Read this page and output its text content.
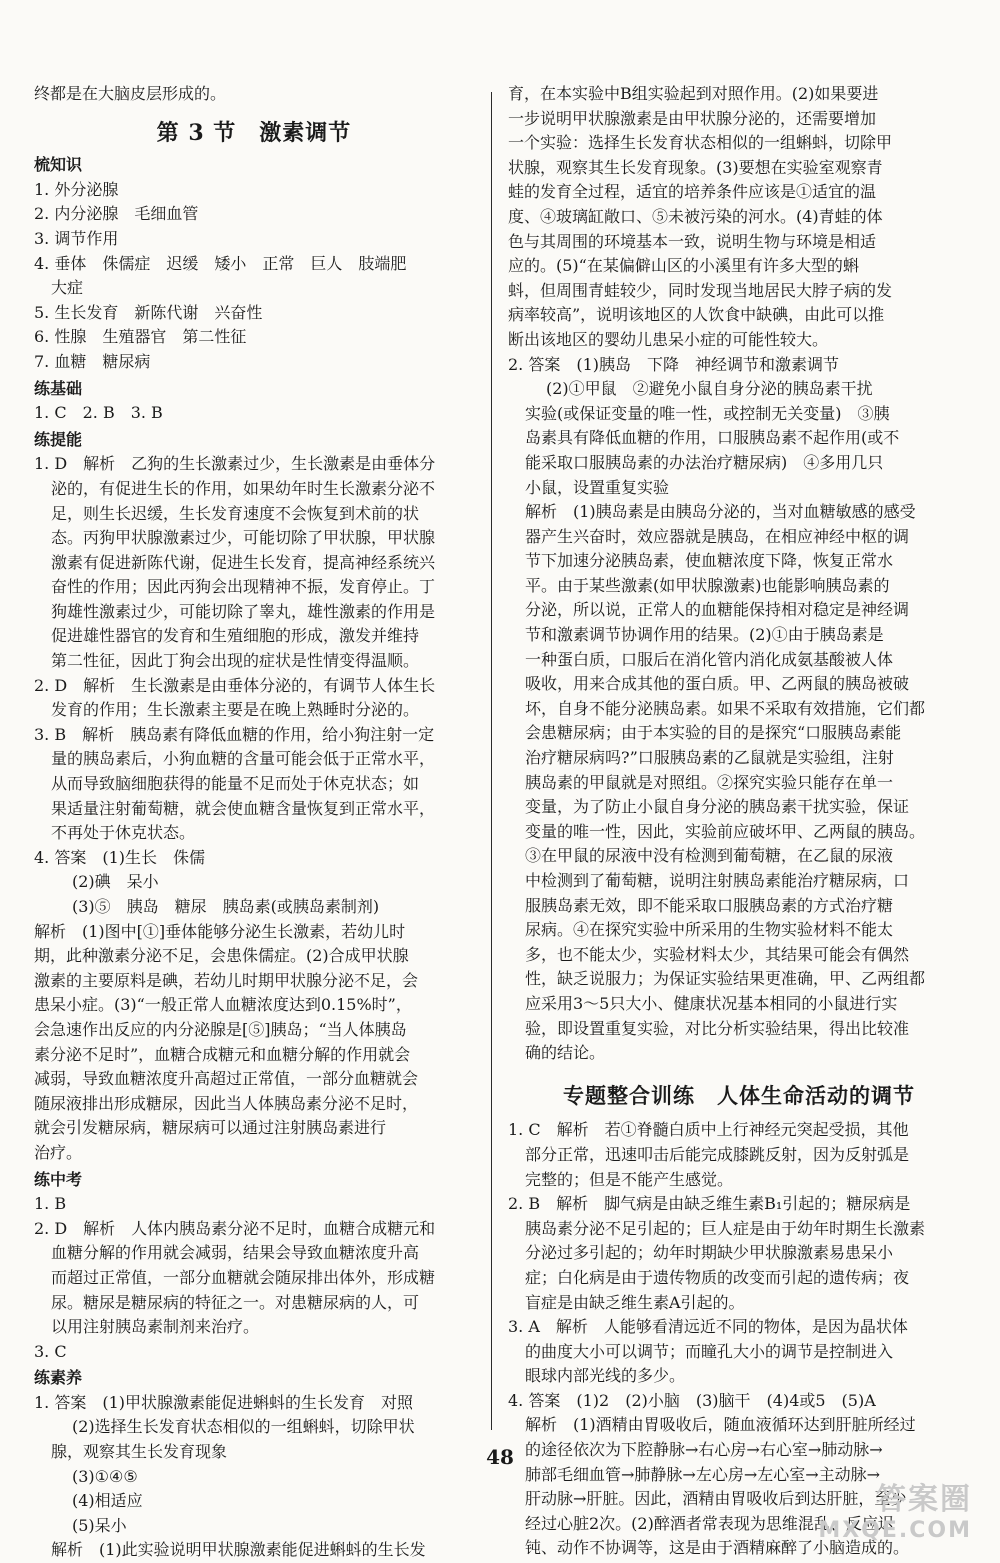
终都是在大脑皮层形成的。
第 3 节　激素调节
梳知识
1. 外分泌腺
2. 内分泌腺　毛细血管
3. 调节作用
4. 垂体　侏儒症　迟缓　矮小　正常　巨人　肢端肥
大症
5. 生长发育　新陈代谢　兴奋性
6. 性腺　生殖器官　第二性征
7. 血糖　糖尿病
练基础
1. C　2. B　3. B
练提能
1. D　解析　乙狗的生长激素过少，生长激素是由垂体分
泌的，有促进生长的作用，如果幼年时生长激素分泌不
足，则生长迟缓，生长发育速度不会恢复到术前的状
态。丙狗甲状腺激素过少，可能切除了甲状腺，甲状腺
激素有促进新陈代谢，促进生长发育，提高神经系统兴
奋性的作用；因此丙狗会出现精神不振，发育停止。丁
狗雄性激素过少，可能切除了睾丸，雄性激素的作用是
促进雄性器官的发育和生殖细胞的形成，激发并维持
第二性征，因此丁狗会出现的症状是性情变得温顺。
2. D　解析　生长激素是由垂体分泌的，有调节人体生长
发育的作用；生长激素主要是在晚上熟睡时分泌的。
3. B　解析　胰岛素有降低血糖的作用，给小狗注射一定
量的胰岛素后，小狗血糖的含量可能会低于正常水平，
从而导致脑细胞获得的能量不足而处于休克状态；如
果适量注射葡萄糖，就会使血糖含量恢复到正常水平，
不再处于休克状态。
4. 答案　(1)生长　侏儒
(2)碘　呆小
(3)⑤　胰岛　糖尿　胰岛素(或胰岛素制剂)
解析　(1)图中[①]垂体能够分泌生长激素，若幼儿时
期，此种激素分泌不足，会患侏儒症。(2)合成甲状腺
激素的主要原料是碘，若幼儿时期甲状腺分泌不足，会
患呆小症。(3)“一般正常人血糖浓度达到0.15%时”，
会急速作出反应的内分泌腺是[⑤]胰岛；“当人体胰岛
素分泌不足时”，血糖合成糖元和血糖分解的作用就会
减弱，导致血糖浓度升高超过正常值，一部分血糖就会
随尿液排出形成糖尿，因此当人体胰岛素分泌不足时，
就会引发糖尿病，糖尿病可以通过注射胰岛素进行
治疗。
练中考
1. B
2. D　解析　人体内胰岛素分泌不足时，血糖合成糖元和
血糖分解的作用就会减弱，结果会导致血糖浓度升高
而超过正常值，一部分血糖就会随尿排出体外，形成糖
尿。糖尿是糖尿病的特征之一。对患糖尿病的人，可
以用注射胰岛素制剂来治疗。
3. C
练素养
1. 答案　(1)甲状腺激素能促进蝌蚪的生长发育　对照
(2)选择生长发育状态相似的一组蝌蚪，切除甲状
腺，观察其生长发育现象
(3)①④⑤
(4)相适应
(5)呆小
解析　(1)此实验说明甲状腺激素能促进蝌蚪的生长发
育，在本实验中B组实验起到对照作用。(2)如果要进
一步说明甲状腺激素是由甲状腺分泌的，还需要增加
一个实验：选择生长发育状态相似的一组蝌蚪，切除甲
状腺，观察其生长发育现象。(3)要想在实验室观察青
蛙的发育全过程，适宜的培养条件应该是①适宜的温
度、④玻璃缸敞口、⑤未被污染的河水。(4)青蛙的体
色与其周围的环境基本一致，说明生物与环境是相适
应的。(5)“在某偏僻山区的小溪里有许多大型的蝌
蚪，但周围青蛙较少，同时发现当地居民大脖子病的发
病率较高”，说明该地区的人饮食中缺碘，由此可以推
断出该地区的婴幼儿患呆小症的可能性较大。
2. 答案　(1)胰岛　下降　神经调节和激素调节
(2)①甲鼠　②避免小鼠自身分泌的胰岛素干扰
实验(或保证变量的唯一性，或控制无关变量)　③胰
岛素具有降低血糖的作用，口服胰岛素不起作用(或不
能采取口服胰岛素的办法治疗糖尿病)　④多用几只
小鼠，设置重复实验
解析　(1)胰岛素是由胰岛分泌的，当对血糖敏感的感受
器产生兴奋时，效应器就是胰岛，在相应神经中枢的调
节下加速分泌胰岛素，使血糖浓度下降，恢复正常水
平。由于某些激素(如甲状腺激素)也能影响胰岛素的
分泌，所以说，正常人的血糖能保持相对稳定是神经调
节和激素调节协调作用的结果。(2)①由于胰岛素是
一种蛋白质，口服后在消化管内消化成氨基酸被人体
吸收，用来合成其他的蛋白质。甲、乙两鼠的胰岛被破
坏，自身不能分泌胰岛素。如果不采取有效措施，它们都
会患糖尿病；由于本实验的目的是探究“口服胰岛素能
治疗糖尿病吗?”口服胰岛素的乙鼠就是实验组，注射
胰岛素的甲鼠就是对照组。②探究实验只能存在单一
变量，为了防止小鼠自身分泌的胰岛素干扰实验，保证
变量的唯一性，因此，实验前应破坏甲、乙两鼠的胰岛。
③在甲鼠的尿液中没有检测到葡萄糖，在乙鼠的尿液
中检测到了葡萄糖，说明注射胰岛素能治疗糖尿病，口
服胰岛素无效，即不能采取口服胰岛素的方式治疗糖
尿病。④在探究实验中所采用的生物实验材料不能太
多，也不能太少，实验材料太少，其结果可能会有偶然
性，缺乏说服力；为保证实验结果更准确，甲、乙两组都
应采用3～5只大小、健康状况基本相同的小鼠进行实
验，即设置重复实验，对比分析实验结果，得出比较准
确的结论。
专题整合训练　人体生命活动的调节
1. C　解析　若①脊髓白质中上行神经元突起受损，其他
部分正常，迅速叩击后能完成膝跳反射，因为反射弧是
完整的；但是不能产生感觉。
2. B　解析　脚气病是由缺乏维生素B₁引起的；糖尿病是
胰岛素分泌不足引起的；巨人症是由于幼年时期生长激素
分泌过多引起的；幼年时期缺少甲状腺激素易患呆小
症；白化病是由于遗传物质的改变而引起的遗传病；夜
盲症是由缺乏维生素A引起的。
3. A　解析　人能够看清远近不同的物体，是因为晶状体
的曲度大小可以调节；而瞳孔大小的调节是控制进入
眼球内部光线的多少。
4. 答案　(1)2　(2)小脑　(3)脑干　(4)4或5　(5)A
解析　(1)酒精由胃吸收后，随血液循环达到肝脏所经过
的途径依次为下腔静脉→右心房→右心室→肺动脉→
肺部毛细血管→肺静脉→左心房→左心室→主动脉→
肝动脉→肝脏。因此，酒精由胃吸收后到达肝脏，至少
经过心脏2次。(2)醉酒者常表现为思维混乱、反应迟
钝、动作不协调等，这是由于酒精麻醉了小脑造成的。
48
答案圈
MXQE.COM
